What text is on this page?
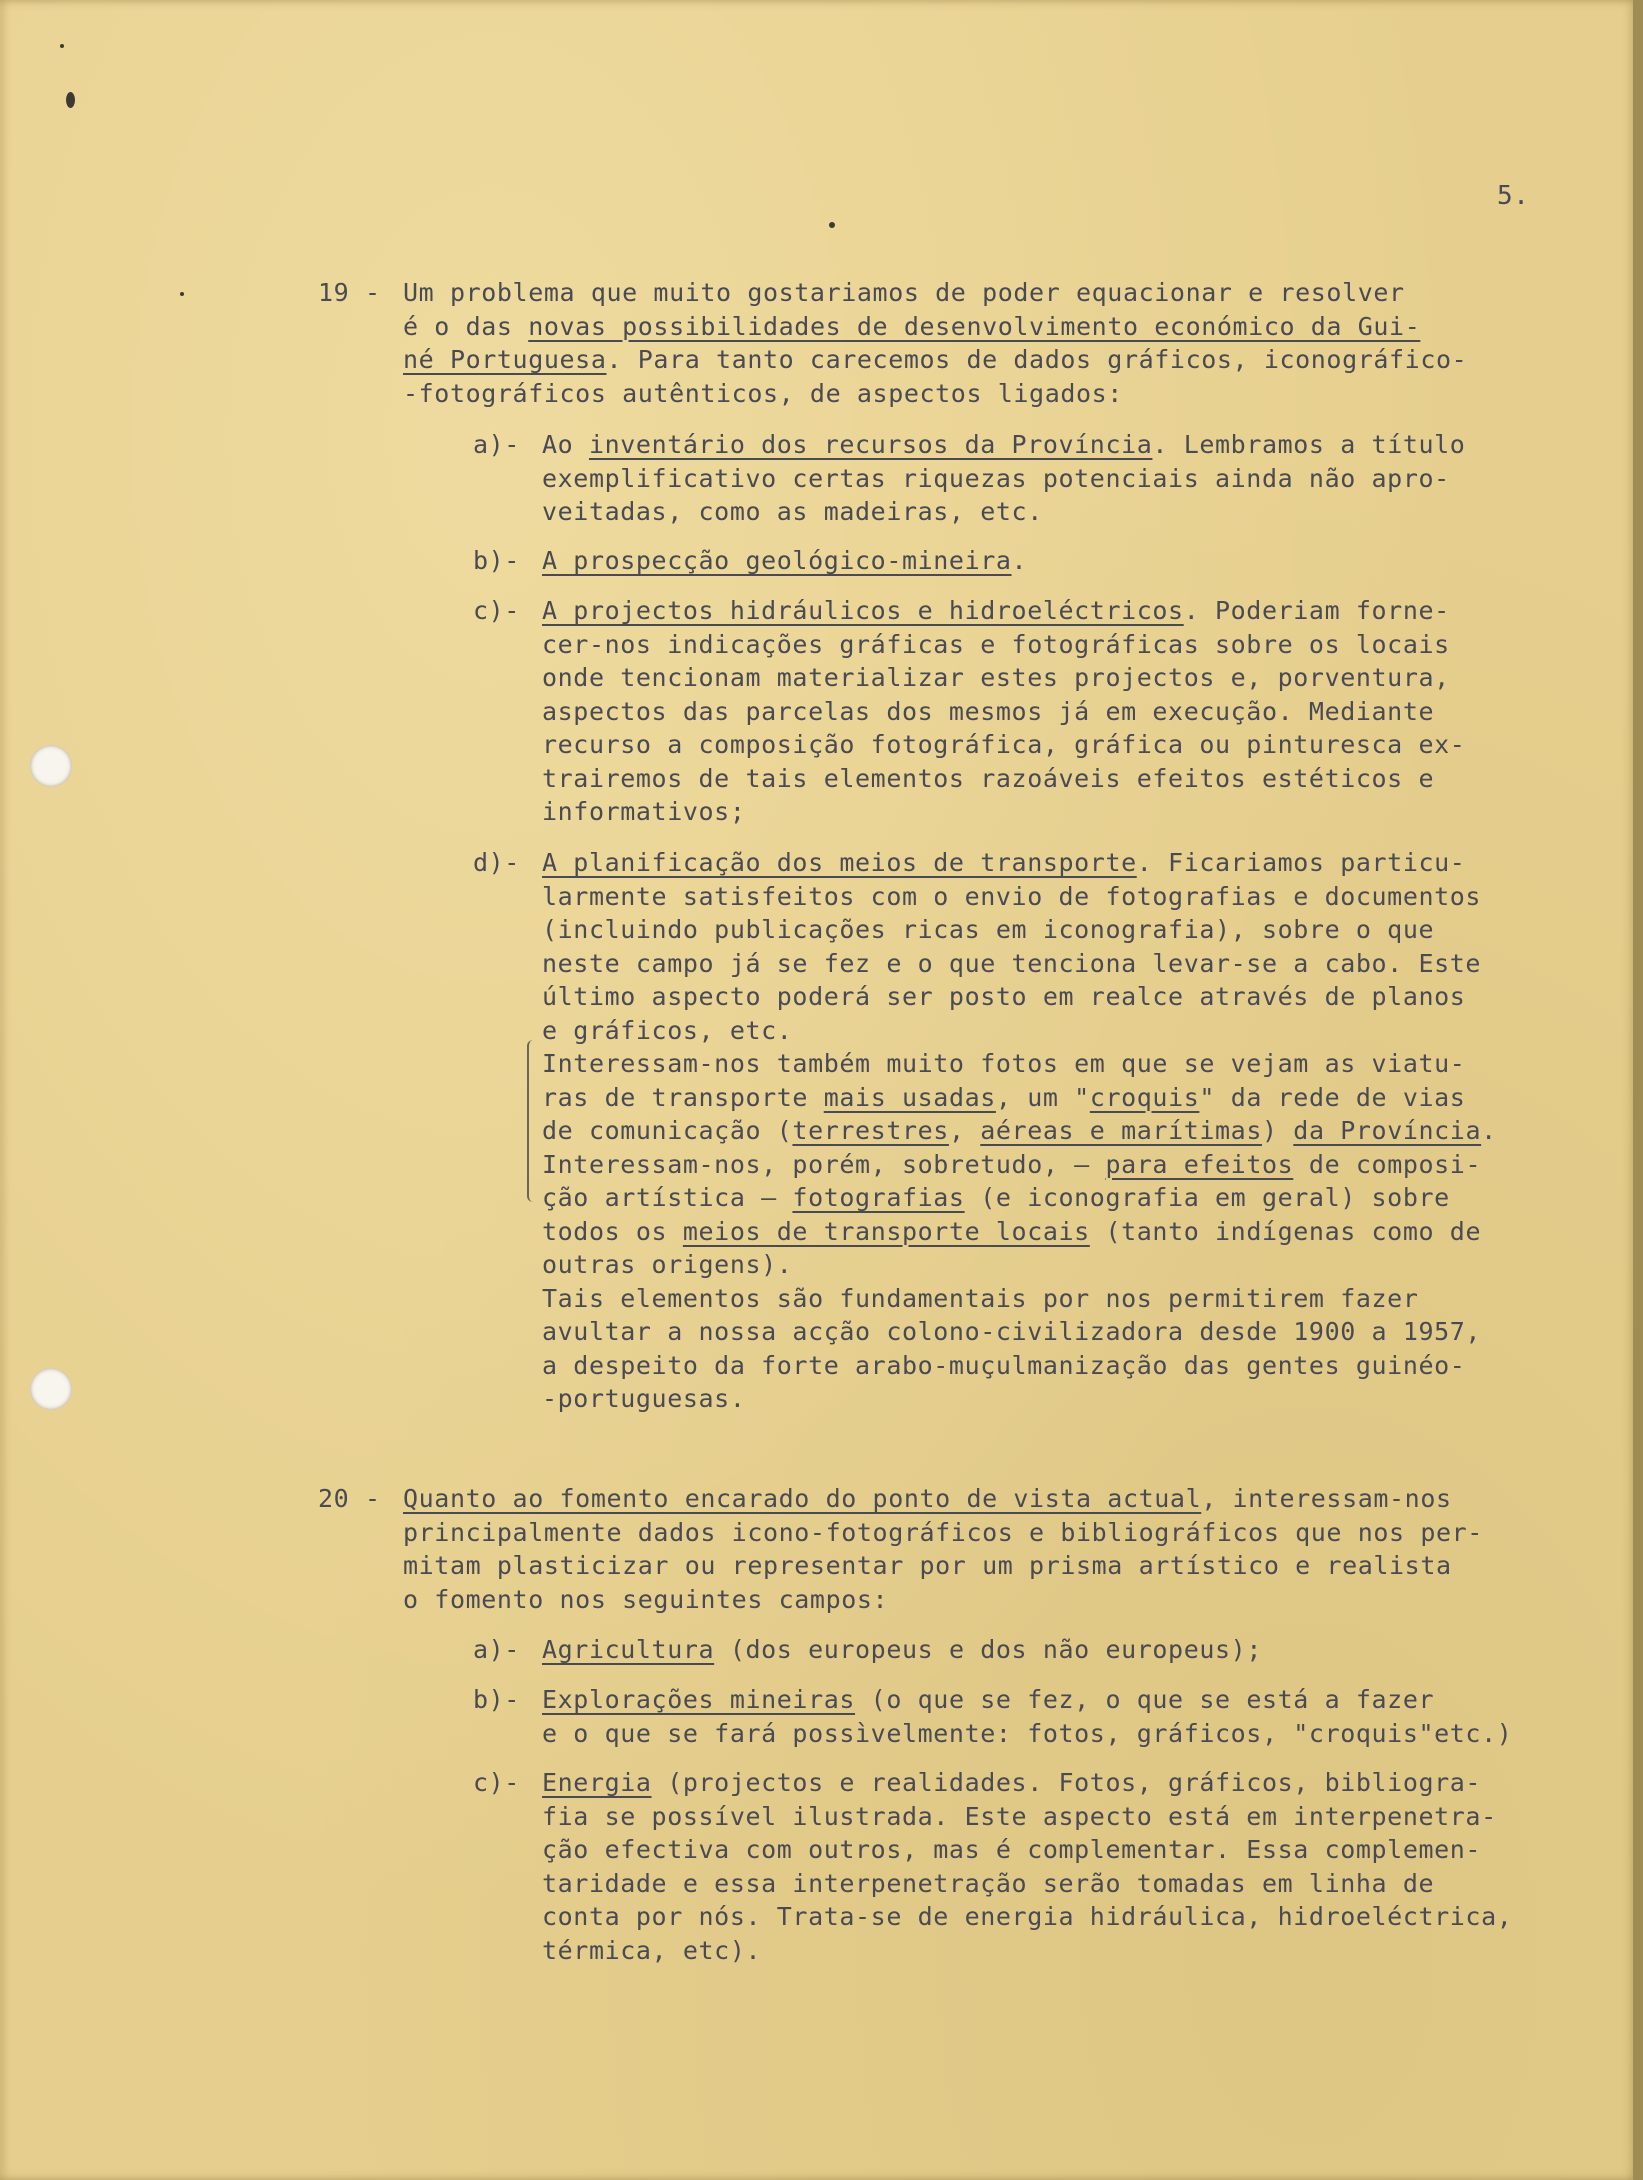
5.
19 - Um problema que muito gostariamos de poder equacionar e resolver
é o das novas possibilidades de desenvolvimento económico da Gui-
né Portuguesa. Para tanto carecemos de dados gráficos, iconográfico-
-fotográficos autênticos, de aspectos ligados:
a)- Ao inventário dos recursos da Província. Lembramos a título
exemplificativo certas riquezas potenciais ainda não apro-
veitadas, como as madeiras, etc.
b)- A prospecção geológico-mineira.
c)- A projectos hidráulicos e hidroeléctricos. Poderiam forne-
cer-nos indicações gráficas e fotográficas sobre os locais
onde tencionam materializar estes projectos e, porventura,
aspectos das parcelas dos mesmos já em execução. Mediante
recurso a composição fotográfica, gráfica ou pinturesca ex-
trairemos de tais elementos razoáveis efeitos estéticos e
informativos;
d)- A planificação dos meios de transporte. Ficariamos particu-
larmente satisfeitos com o envio de fotografias e documentos
(incluindo publicações ricas em iconografia), sobre o que
neste campo já se fez e o que tenciona levar-se a cabo. Este
último aspecto poderá ser posto em realce através de planos
e gráficos, etc.
Interessam-nos também muito fotos em que se vejam as viatu-
ras de transporte mais usadas, um "croquis" da rede de vias
de comunicação (terrestres, aéreas e marítimas) da Província.
Interessam-nos, porém, sobretudo, — para efeitos de composi-
ção artística — fotografias (e iconografia em geral) sobre
todos os meios de transporte locais (tanto indígenas como de
outras origens).
Tais elementos são fundamentais por nos permitirem fazer
avultar a nossa acção colono-civilizadora desde 1900 a 1957,
a despeito da forte arabo-muçulmanização das gentes guinéo-
-portuguesas.
20 - Quanto ao fomento encarado do ponto de vista actual, interessam-nos
principalmente dados icono-fotográficos e bibliográficos que nos per-
mitam plasticizar ou representar por um prisma artístico e realista
o fomento nos seguintes campos:
a)- Agricultura (dos europeus e dos não europeus);
b)- Explorações mineiras (o que se fez, o que se está a fazer
e o que se fará possìvelmente: fotos, gráficos, "croquis"etc.)
c)- Energia (projectos e realidades. Fotos, gráficos, bibliogra-
fia se possível ilustrada. Este aspecto está em interpenetra-
ção efectiva com outros, mas é complementar. Essa complemen-
taridade e essa interpenetração serão tomadas em linha de
conta por nós. Trata-se de energia hidráulica, hidroeléctrica,
térmica, etc).
